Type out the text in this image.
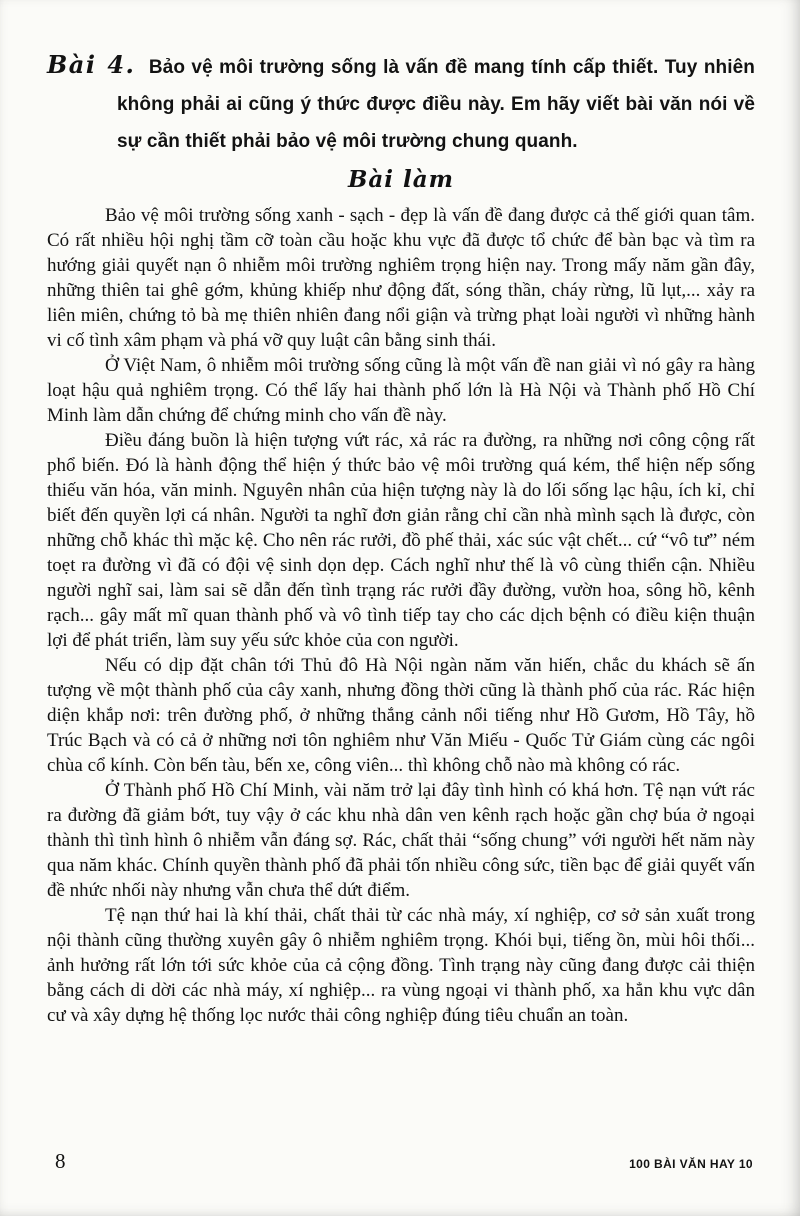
Bài 4. Bảo vệ môi trường sống là vấn đề mang tính cấp thiết. Tuy nhiên không phải ai cũng ý thức được điều này. Em hãy viết bài văn nói về sự cần thiết phải bảo vệ môi trường chung quanh.

Bài làm

Bảo vệ môi trường sống xanh - sạch - đẹp là vấn đề đang được cả thế giới quan tâm. Có rất nhiều hội nghị tầm cỡ toàn cầu hoặc khu vực đã được tổ chức để bàn bạc và tìm ra hướng giải quyết nạn ô nhiễm môi trường nghiêm trọng hiện nay. Trong mấy năm gần đây, những thiên tai ghê gớm, khủng khiếp như động đất, sóng thần, cháy rừng, lũ lụt,... xảy ra liên miên, chứng tỏ bà mẹ thiên nhiên đang nổi giận và trừng phạt loài người vì những hành vi cố tình xâm phạm và phá vỡ quy luật cân bằng sinh thái.

Ở Việt Nam, ô nhiễm môi trường sống cũng là một vấn đề nan giải vì nó gây ra hàng loạt hậu quả nghiêm trọng. Có thể lấy hai thành phố lớn là Hà Nội và Thành phố Hồ Chí Minh làm dẫn chứng để chứng minh cho vấn đề này.

Điều đáng buồn là hiện tượng vứt rác, xả rác ra đường, ra những nơi công cộng rất phổ biến. Đó là hành động thể hiện ý thức bảo vệ môi trường quá kém, thể hiện nếp sống thiếu văn hóa, văn minh. Nguyên nhân của hiện tượng này là do lối sống lạc hậu, ích kỉ, chỉ biết đến quyền lợi cá nhân. Người ta nghĩ đơn giản rằng chỉ cần nhà mình sạch là được, còn những chỗ khác thì mặc kệ. Cho nên rác rưởi, đồ phế thải, xác súc vật chết... cứ “vô tư” ném toẹt ra đường vì đã có đội vệ sinh dọn dẹp. Cách nghĩ như thế là vô cùng thiển cận. Nhiều người nghĩ sai, làm sai sẽ dẫn đến tình trạng rác rưởi đầy đường, vườn hoa, sông hồ, kênh rạch... gây mất mĩ quan thành phố và vô tình tiếp tay cho các dịch bệnh có điều kiện thuận lợi để phát triển, làm suy yếu sức khỏe của con người.

Nếu có dịp đặt chân tới Thủ đô Hà Nội ngàn năm văn hiến, chắc du khách sẽ ấn tượng về một thành phố của cây xanh, nhưng đồng thời cũng là thành phố của rác. Rác hiện diện khắp nơi: trên đường phố, ở những thắng cảnh nổi tiếng như Hồ Gươm, Hồ Tây, hồ Trúc Bạch và có cả ở những nơi tôn nghiêm như Văn Miếu - Quốc Tử Giám cùng các ngôi chùa cổ kính. Còn bến tàu, bến xe, công viên... thì không chỗ nào mà không có rác.

Ở Thành phố Hồ Chí Minh, vài năm trở lại đây tình hình có khá hơn. Tệ nạn vứt rác ra đường đã giảm bớt, tuy vậy ở các khu nhà dân ven kênh rạch hoặc gần chợ búa ở ngoại thành thì tình hình ô nhiễm vẫn đáng sợ. Rác, chất thải “sống chung” với người hết năm này qua năm khác. Chính quyền thành phố đã phải tốn nhiều công sức, tiền bạc để giải quyết vấn đề nhức nhối này nhưng vẫn chưa thể dứt điểm.

Tệ nạn thứ hai là khí thải, chất thải từ các nhà máy, xí nghiệp, cơ sở sản xuất trong nội thành cũng thường xuyên gây ô nhiễm nghiêm trọng. Khói bụi, tiếng ồn, mùi hôi thối... ảnh hưởng rất lớn tới sức khỏe của cả cộng đồng. Tình trạng này cũng đang được cải thiện bằng cách di dời các nhà máy, xí nghiệp... ra vùng ngoại vi thành phố, xa hẳn khu vực dân cư và xây dựng hệ thống lọc nước thải công nghiệp đúng tiêu chuẩn an toàn.

8	100 BÀI VĂN HAY 10
